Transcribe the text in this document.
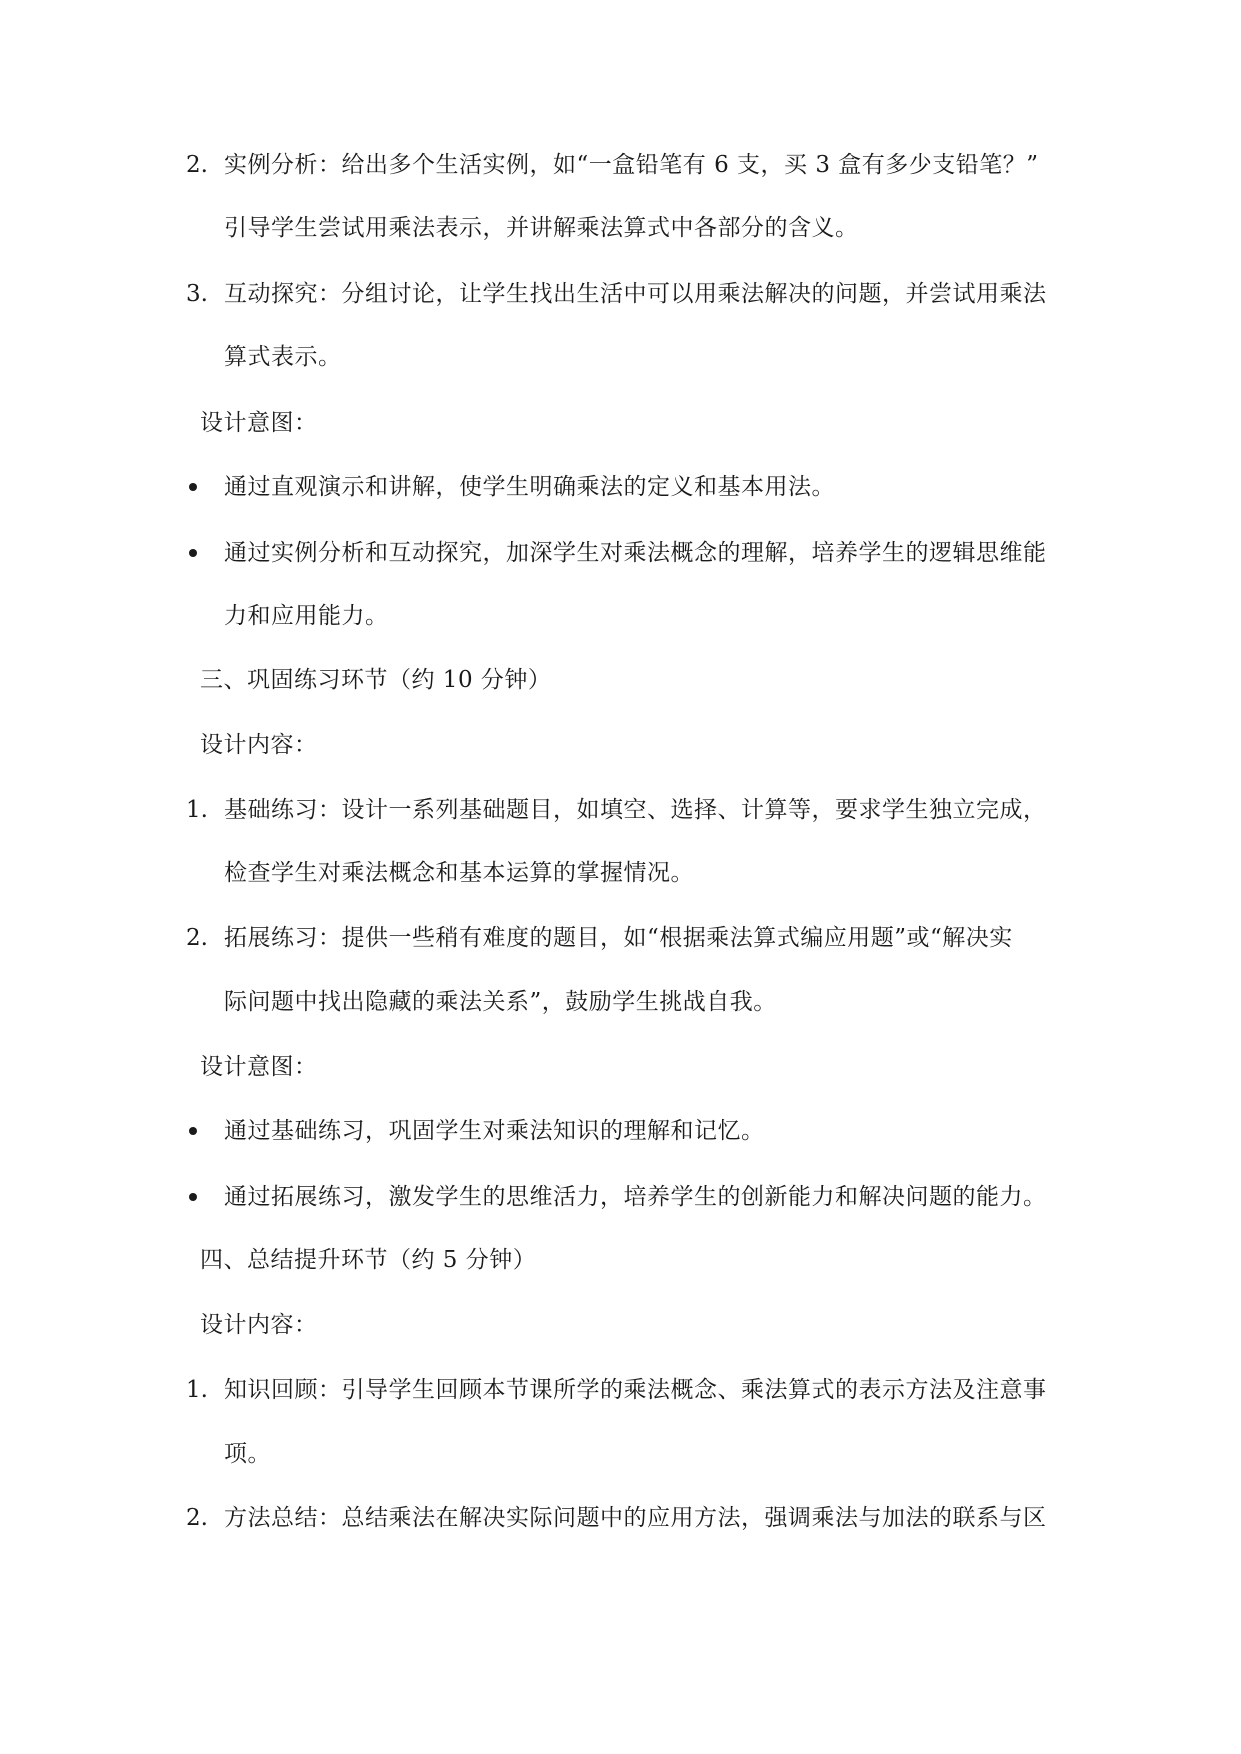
2. 实例分析：给出多个生活实例，如“一盒铅笔有 6 支，买 3 盒有多少支铅笔？”
引导学生尝试用乘法表示，并讲解乘法算式中各部分的含义。
3. 互动探究：分组讨论，让学生找出生活中可以用乘法解决的问题，并尝试用乘法
算式表示。
设计意图：
通过直观演示和讲解，使学生明确乘法的定义和基本用法。
通过实例分析和互动探究，加深学生对乘法概念的理解，培养学生的逻辑思维能
力和应用能力。
三、巩固练习环节（约 10 分钟）
设计内容：
1. 基础练习：设计一系列基础题目，如填空、选择、计算等，要求学生独立完成，
检查学生对乘法概念和基本运算的掌握情况。
2. 拓展练习：提供一些稍有难度的题目，如“根据乘法算式编应用题”或“解决实
际问题中找出隐藏的乘法关系”，鼓励学生挑战自我。
设计意图：
通过基础练习，巩固学生对乘法知识的理解和记忆。
通过拓展练习，激发学生的思维活力，培养学生的创新能力和解决问题的能力。
四、总结提升环节（约 5 分钟）
设计内容：
1. 知识回顾：引导学生回顾本节课所学的乘法概念、乘法算式的表示方法及注意事
项。
2. 方法总结：总结乘法在解决实际问题中的应用方法，强调乘法与加法的联系与区
